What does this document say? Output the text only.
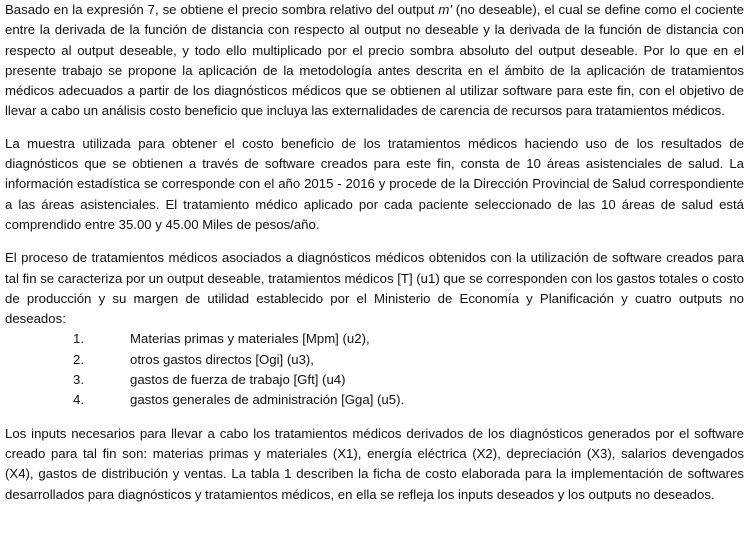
Basado en la expresión 7, se obtiene el precio sombra relativo del output m' (no deseable), el cual se define como el cociente entre la derivada de la función de distancia con respecto al output no deseable y la derivada de la función de distancia con respecto al output deseable, y todo ello multiplicado por el precio sombra absoluto del output deseable. Por lo que en el presente trabajo se propone la aplicación de la metodología antes descrita en el ámbito de la aplicación de tratamientos médicos adecuados a partir de los diagnósticos médicos que se obtienen al utilizar software para este fin, con el objetivo de llevar a cabo un análisis costo beneficio que incluya las externalidades de carencia de recursos para tratamientos médicos.

La muestra utilizada para obtener el costo beneficio de los tratamientos médicos haciendo uso de los resultados de diagnósticos que se obtienen a través de software creados para este fin, consta de 10 áreas asistenciales de salud. La información estadística se corresponde con el año 2015 - 2016 y procede de la Dirección Provincial de Salud correspondiente a las áreas asistenciales. El tratamiento médico aplicado por cada paciente seleccionado de las 10 áreas de salud está comprendido entre 35.00 y 45.00 Miles de pesos/año.

El proceso de tratamientos médicos asociados a diagnósticos médicos obtenidos con la utilización de software creados para tal fin se caracteriza por un output deseable, tratamientos médicos [T] (u1) que se corresponden con los gastos totales o costo de producción y su margen de utilidad establecido por el Ministerio de Economía y Planificación y cuatro outputs no deseados:

1.	Materias primas y materiales [Mpm] (u2),
2.	otros gastos directos [Ogi] (u3),
3.	gastos de fuerza de trabajo [Gft] (u4)
4.	gastos generales de administración [Gga] (u5).

Los inputs necesarios para llevar a cabo los tratamientos médicos derivados de los diagnósticos generados por el software creado para tal fin son: materias primas y materiales (X1), energía eléctrica (X2), depreciación (X3), salarios devengados (X4), gastos de distribución y ventas. La tabla 1 describen la ficha de costo elaborada para la implementación de softwares desarrollados para diagnósticos y tratamientos médicos, en ella se refleja los inputs deseados y los outputs no deseados.
